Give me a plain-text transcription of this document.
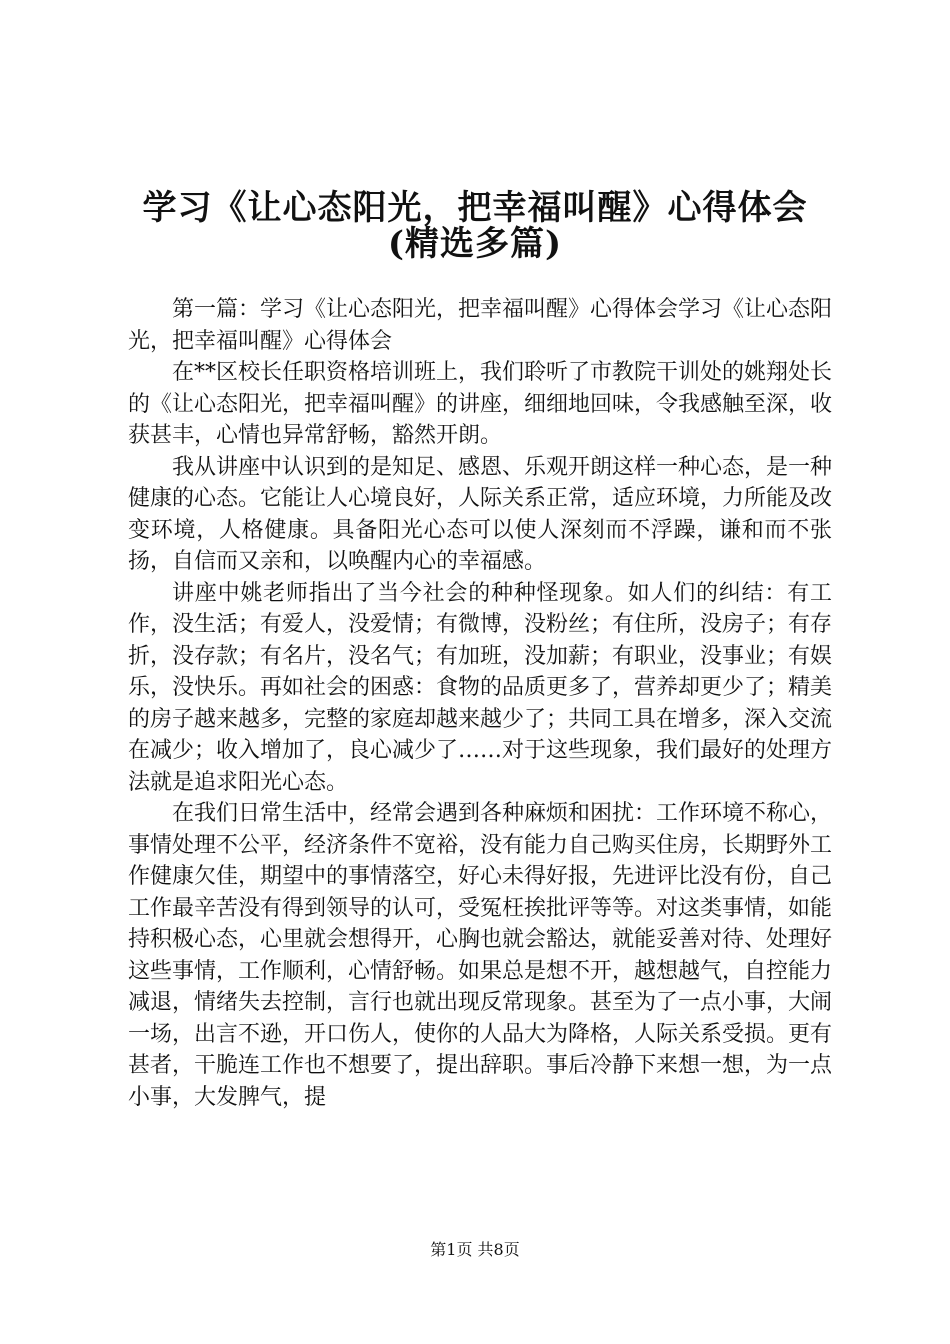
学习《让心态阳光，把幸福叫醒》心得体会
(精选多篇)

第一篇：学习《让心态阳光，把幸福叫醒》心得体会学习《让心态阳光，把幸福叫醒》心得体会

在**区校长任职资格培训班上，我们聆听了市教院干训处的姚翔处长的《让心态阳光，把幸福叫醒》的讲座，细细地回味，令我感触至深，收获甚丰，心情也异常舒畅，豁然开朗。

我从讲座中认识到的是知足、感恩、乐观开朗这样一种心态，是一种健康的心态。它能让人心境良好，人际关系正常，适应环境，力所能及改变环境，人格健康。具备阳光心态可以使人深刻而不浮躁，谦和而不张扬，自信而又亲和，以唤醒内心的幸福感。

讲座中姚老师指出了当今社会的种种怪现象。如人们的纠结：有工作，没生活；有爱人，没爱情；有微博，没粉丝；有住所，没房子；有存折，没存款；有名片，没名气；有加班，没加薪；有职业，没事业；有娱乐，没快乐。再如社会的困惑：食物的品质更多了，营养却更少了；精美的房子越来越多，完整的家庭却越来越少了；共同工具在增多，深入交流在减少；收入增加了，良心减少了……对于这些现象，我们最好的处理方法就是追求阳光心态。

在我们日常生活中，经常会遇到各种麻烦和困扰：工作环境不称心，事情处理不公平，经济条件不宽裕，没有能力自己购买住房，长期野外工作健康欠佳，期望中的事情落空，好心未得好报，先进评比没有份，自己工作最辛苦没有得到领导的认可，受冤枉挨批评等等。对这类事情，如能持积极心态，心里就会想得开，心胸也就会豁达，就能妥善对待、处理好这些事情，工作顺利，心情舒畅。如果总是想不开，越想越气，自控能力减退，情绪失去控制，言行也就出现反常现象。甚至为了一点小事，大闹一场，出言不逊，开口伤人，使你的人品大为降格，人际关系受损。更有甚者，干脆连工作也不想要了，提出辞职。事后冷静下来想一想，为一点小事，大发脾气，提

第1页 共8页
